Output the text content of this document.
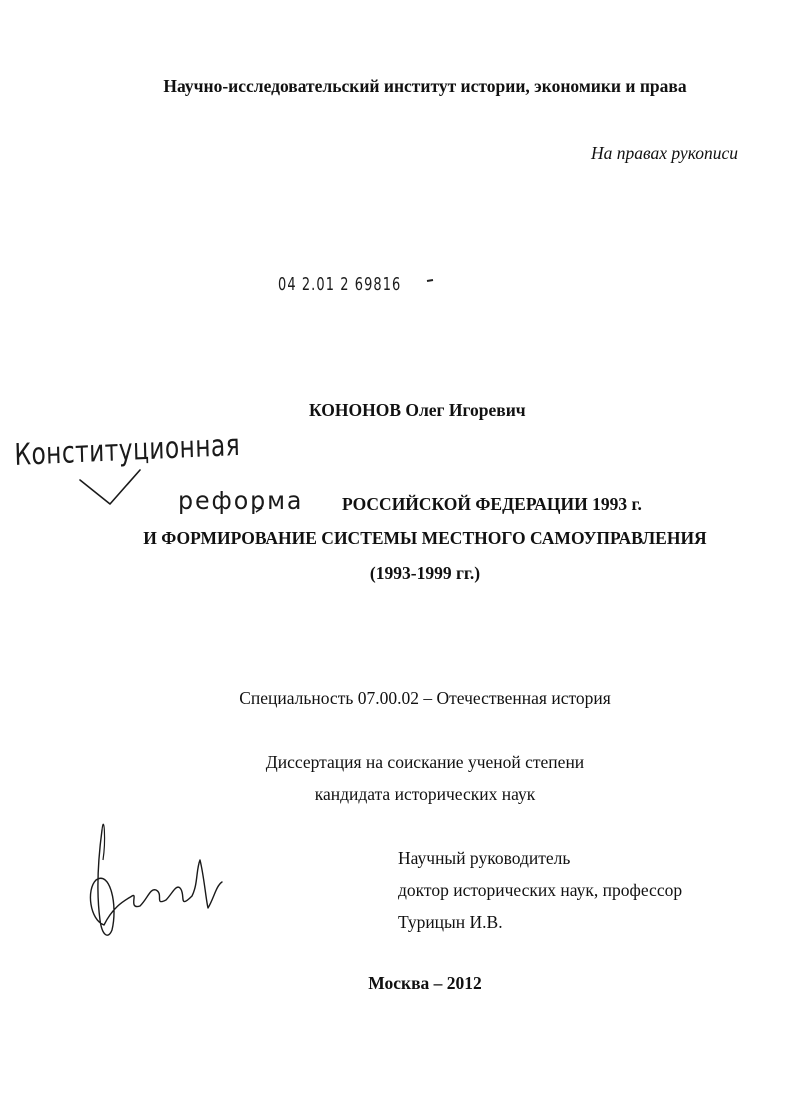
Научно-исследовательский институт истории, экономики и права
На правах рукописи
04 2.01 2 69816
КОНОНОВ Олег Игоревич
Конституционная
реформа РОССИЙСКОЙ ФЕДЕРАЦИИ 1993 г.
И ФОРМИРОВАНИЕ СИСТЕМЫ МЕСТНОГО САМОУПРАВЛЕНИЯ
(1993-1999 гг.)
Специальность 07.00.02 – Отечественная история
Диссертация на соискание ученой степени
кандидата исторических наук
Научный руководитель
доктор исторических наук, профессор
Турицын И.В.
Москва – 2012
